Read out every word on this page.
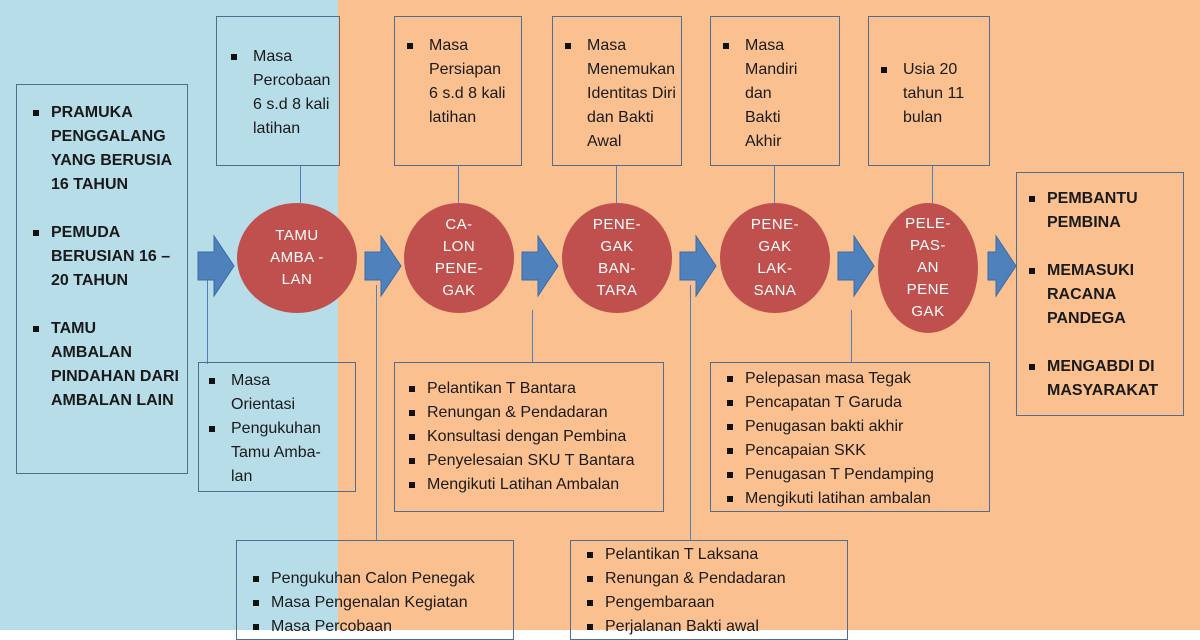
TAMU
AMBA -
LAN
CA-
LON
PENE-
GAK
PENE-
GAK
BAN-
TARA
PENE-
GAK
LAK-
SANA
PELE-
PAS-
AN
PENE
GAK
PRAMUKA PENGGALANG YANG BERUSIA 16 TAHUN
PEMUDA BERUSIAN 16 – 20 TAHUN
TAMU AMBALAN PINDAHAN DARI AMBALAN LAIN
PEMBANTU PEMBINA
MEMASUKI RACANA PANDEGA
MENGABDI DI MASYARAKAT
Masa Percobaan 6 s.d 8 kali latihan
Masa Persiapan 6 s.d 8 kali latihan
Masa Menemukan Identitas Diri dan Bakti Awal
Masa Mandiri dan Bakti Akhir
Usia 20 tahun 11 bulan
Masa Orientasi
Pengukuhan Tamu Amba-lan
Pelantikan T Bantara
Renungan & Pendadaran
Konsultasi dengan Pembina
Penyelesaian SKU T Bantara
Mengikuti Latihan Ambalan
Pelepasan masa Tegak
Pencapatan T Garuda
Penugasan bakti akhir
Pencapaian SKK
Penugasan T Pendamping
Mengikuti latihan ambalan
Pengukuhan Calon Penegak
Masa Pengenalan Kegiatan
Masa Percobaan
Pelantikan T Laksana
Renungan & Pendadaran
Pengembaraan
Perjalanan Bakti awal
